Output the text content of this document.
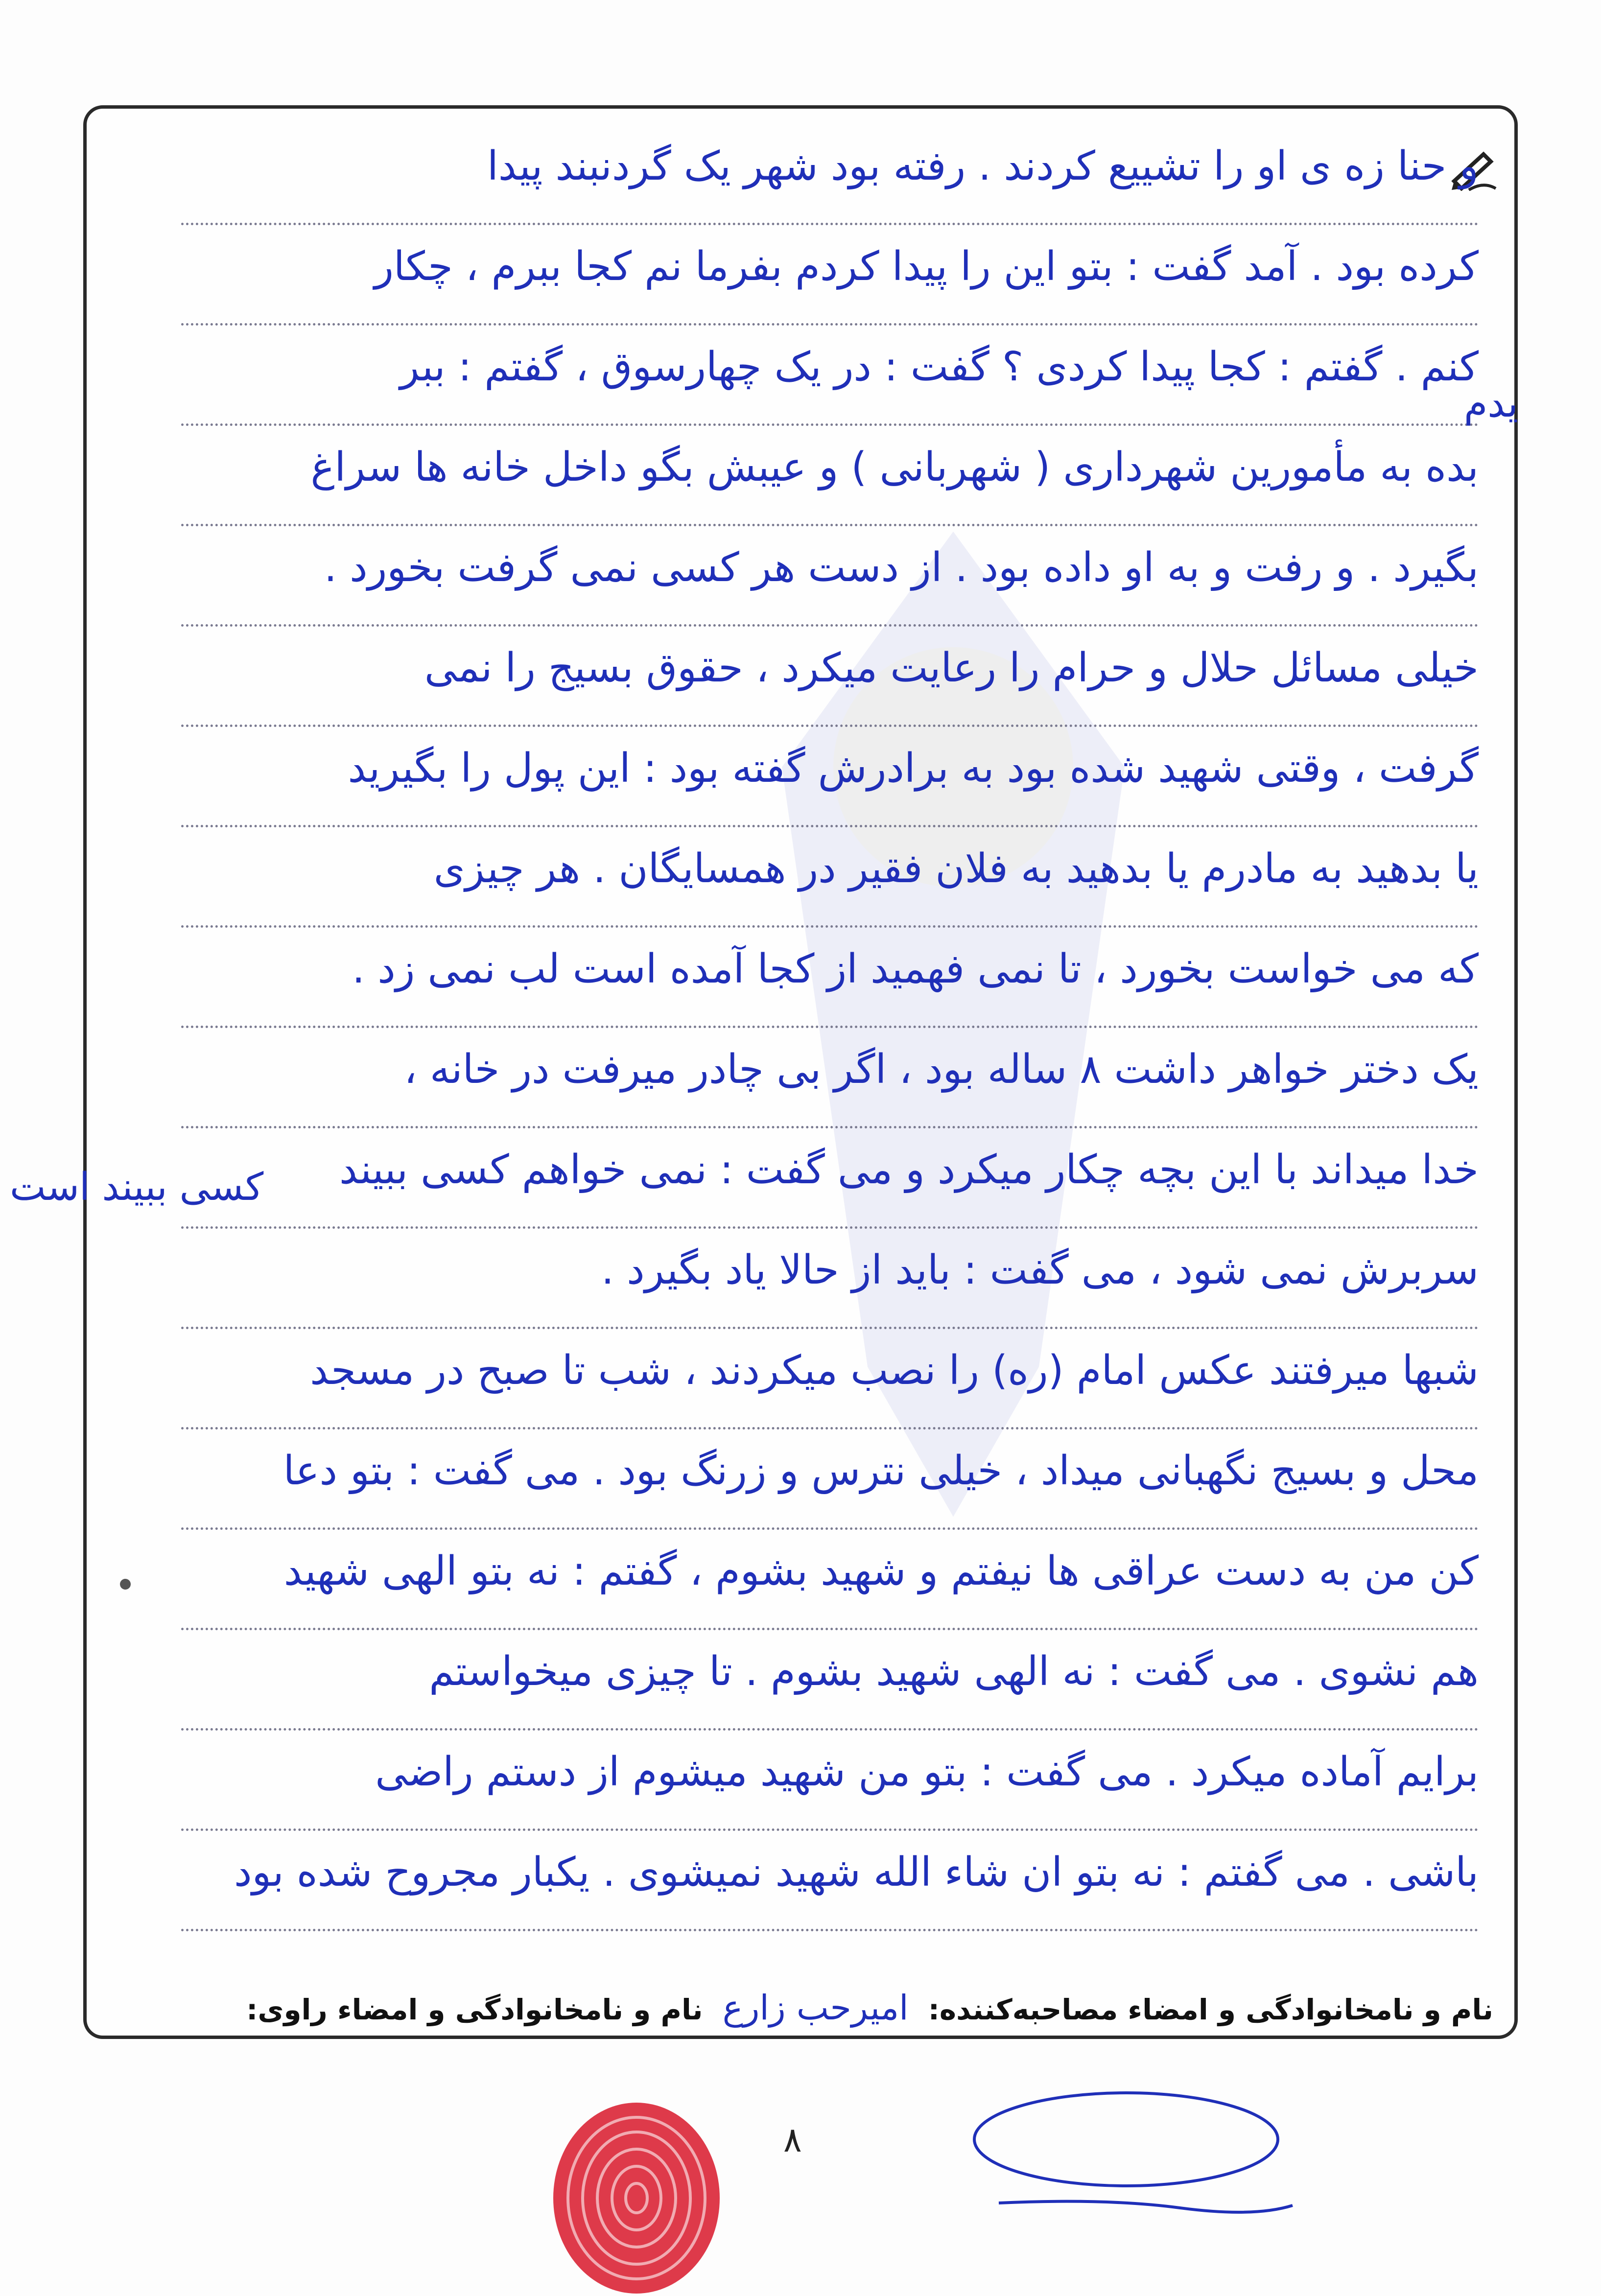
و حنا زه ی او را تشییع کردند . رفته بود شهر یک گردنبند پیدا
کرده بود . آمد گفت : بتو این را پیدا کردم بفرما نم کجا ببرم ، چکار
کنم . گفتم : کجا پیدا کردی ؟ گفت : در یک چهارسوق ، گفتم : ببر
بده به مأمورین شهرداری ( شهربانی ) و عیبش بگو داخل خانه ها سراغ
بگیرد . و رفت و به او داده بود . از دست هر کسی نمی گرفت بخورد .
خیلی مسائل حلال و حرام را رعایت میکرد ، حقوق بسیج را نمی
گرفت ، وقتی شهید شده بود به برادرش گفته بود : این پول را بگیرید
یا بدهید به مادرم یا بدهید به فلان فقیر در همسایگان . هر چیزی
که می خواست بخورد ، تا نمی فهمید از کجا آمده است لب نمی زد .
یک دختر خواهر داشت ۸ ساله بود ، اگر بی چادر میرفت در خانه ،
خدا میداند با این بچه چکار میکرد و می گفت : نمی خواهم کسی ببیند
سربرش نمی شود ، می گفت : باید از حالا یاد بگیرد .
شبها میرفتند عکس امام (ره) را نصب میکردند ، شب تا صبح در مسجد
محل و بسیج نگهبانی میداد ، خیلی نترس و زرنگ بود . می گفت : بتو دعا
کن من به دست عراقی ها نیفتم و شهید بشوم ، گفتم : نه بتو الهی شهید
هم نشوی . می گفت : نه الهی شهید بشوم . تا چیزی میخواستم
برایم آماده میکرد . می گفت : بتو من شهید میشوم از دستم راضی
باشی . می گفتم : نه بتو ان شاء الله شهید نمیشوی . یکبار مجروح شده بود
یدم
کسی ببیند است
نام و نامخانوادگی و امضاء مصاحبه‌کننده: امیرحب زارع نام و نامخانوادگی و امضاء راوی:
۸
